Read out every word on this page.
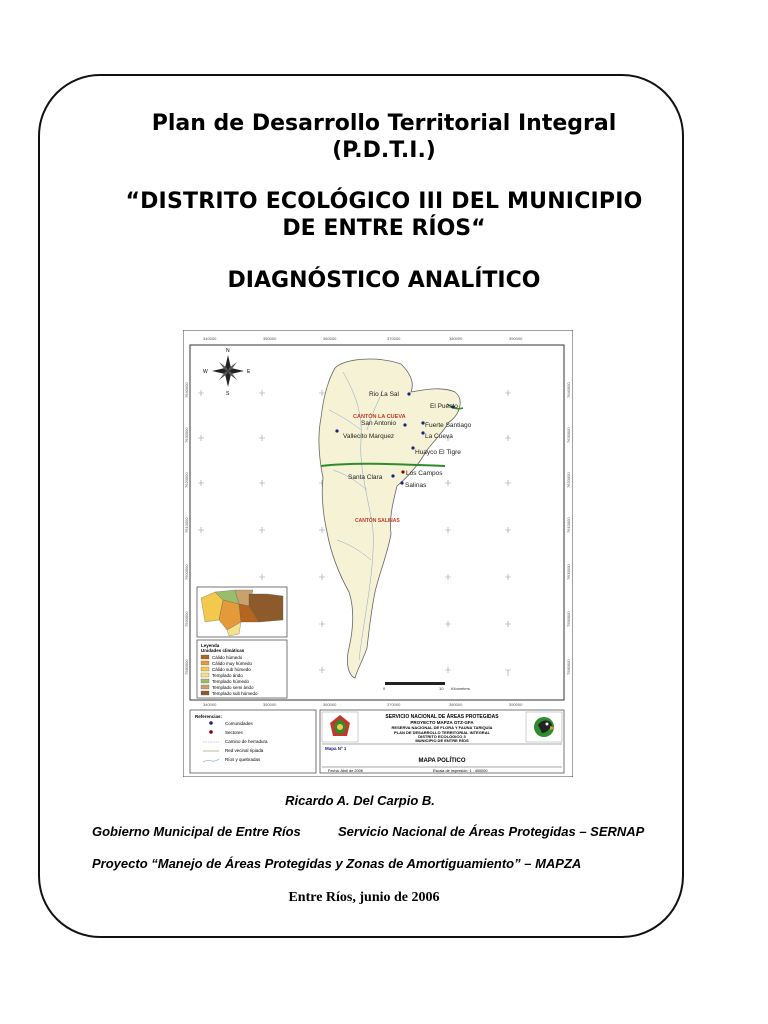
Plan de Desarrollo Territorial Integral
(P.D.T.I.)
“DISTRITO ECOLÓGICO III DEL MUNICIPIO
DE ENTRE RÍOS“
DIAGNÓSTICO ANALÍTICO
340000	350000	360000	370000	380000	390000
340000	350000	360000	370000	380000	390000
7640000
7630000
7620000
7610000
7600000
7590000
7580000
7640000
7630000
7620000
7610000
7600000
7590000
7580000
N
S
E
W
CANTÓN LA CUEVA
CANTÓN SALINAS
Rio La Sal
El Puesto
San Antonio	Fuerte Santiago
Vallecito Marquez	La Cueva
Huayco El Tigre
Santa Clara
Los Campos
Salinas
0	10 Kilometers
Leyenda
Unidades climáticas
Cálido húmedo
Cálido muy húmedo
Cálido sub húmedo
Templado árido
Templado húmedo
Templado semi árido
Templado sub húmedo
Referencias:
Comunidades
Sectores
Camino de herradura
Red vecinal ripiada
Ríos y quebradas
SERVICIO NACIONAL DE ÁREAS PROTEGIDAS
PROYECTO MAPZA GTZ-GFA
RESERVA NACIONAL DE FLORA Y FAUNA TARIQUÍA
PLAN DE DESARROLLO TERRITORIAL INTEGRAL
DISTRITO ECOLÓGICO 3
MUNICIPIO DE ENTRE RÍOS
Mapa Nº 1
MAPA POLÍTICO
Fecha: Abril de 2006	Escala de Impresión: 1 : 400000
Ricardo A. Del Carpio B.
Gobierno Municipal de Entre Ríos	Servicio Nacional de Áreas Protegidas – SERNAP
Proyecto “Manejo de Áreas Protegidas y Zonas de Amortiguamiento” – MAPZA
Entre Ríos, junio de 2006
